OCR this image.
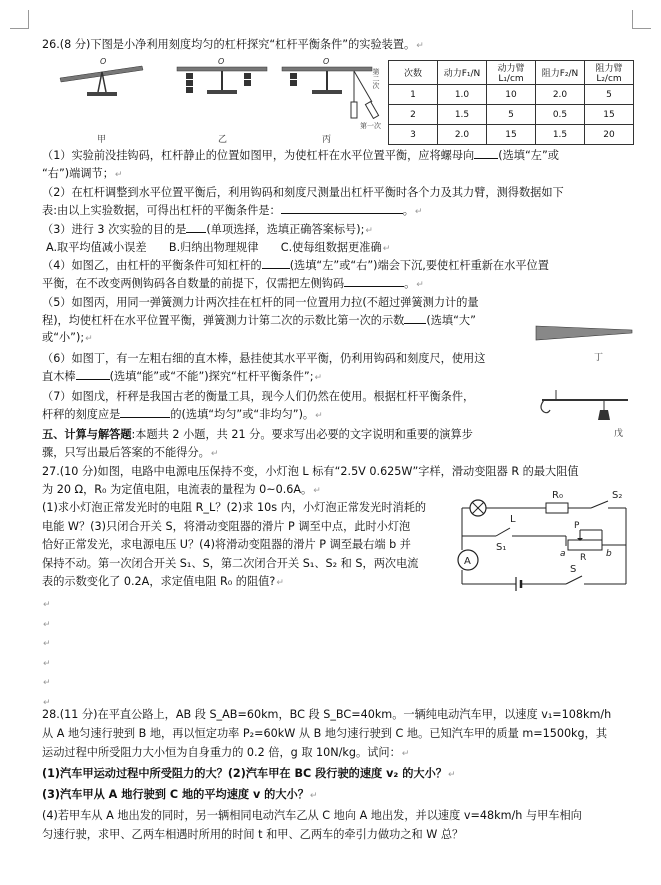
26.(8 分)下图是小净利用刻度均匀的杠杆探究“杠杆平衡条件”的实验装置。↵
O	O	O
第一次
第二次
甲	乙	丙
次数	动力F₁/N	动力臂L₁/cm	阻力F₂/N	阻力臂L₂/cm
1	1.0	10	2.0	5
2	1.5	5	0.5	15
3	2.0	15	1.5	20
（1）实验前没挂钩码，杠杆静止的位置如图甲，为使杠杆在水平位置平衡，应将螺母向 (选填“左”或
“右”)端调节；↵
（2）在杠杆调整到水平位置平衡后，利用钩码和刻度尺测量出杠杆平衡时各个力及其力臂，测得数据如下
表:由以上实验数据，可得出杠杆的平衡条件是：	。↵
（3）进行 3 次实验的目的是 (单项选择，选填正确答案标号);↵
A.取平均值减小误差　　B.归纳出物理规律　　C.使每组数据更准确↵
（4）如图乙，由杠杆的平衡条件可知杠杆的	(选填“左”或“右”)端会下沉,要使杠杆重新在水平位置
平衡，在不改变两侧钩码各自数量的前提下，仅需把左侧钩码	。↵
（5）如图丙，用同一弹簧测力计两次挂在杠杆的同一位置用力拉(不超过弹簧测力计的量
程)，均使杠杆在水平位置平衡，弹簧测力计第二次的示数比第一次的示数 (选填“大”
或“小”);↵
丁
（6）如图丁，有一左粗右细的直木棒，悬挂使其水平平衡，仍利用钩码和刻度尺，使用这
直木棒	(选填“能”或“不能”)探究“杠杆平衡条件”;↵
（7）如图戊，杆秤是我国古老的衡量工具，现今人们仍然在使用。根据杠杆平衡条件，
杆秤的刻度应是	的(选填“均匀”或“非均匀”)。↵
戊
五、计算与解答题:本题共 2 小题，共 21 分。要求写出必要的文字说明和重要的演算步
骤，只写出最后答案的不能得分。↵
27.(10 分)如图，电路中电源电压保持不变，小灯泡 L 标有“2.5V 0.625W”字样，滑动变阻器 R 的最大阻值
为 20 Ω，R₀ 为定值电阻，电流表的量程为 0~0.6A。↵
(1)求小灯泡正常发光时的电阻 R_L？(2)求 10s 内，小灯泡正常发光时消耗的
电能 W？(3)只闭合开关 S，将滑动变阻器的滑片 P 调至中点，此时小灯泡
恰好正常发光，求电源电压 U？(4)将滑动变阻器的滑片 P 调至最右端 b 并
保持不动。第一次闭合开关 S₁、S，第二次闭合开关 S₁、S₂ 和 S，两次电流
表的示数变化了 0.2A，求定值电阻 R₀ 的阻值?↵
A
R₀	S₂
L
P
S₁
a R b
S
↵
↵
↵
↵
↵
↵
28.(11 分)在平直公路上，AB 段 S_AB=60km，BC 段 S_BC=40km。一辆纯电动汽车甲，以速度 v₁=108km/h
从 A 地匀速行驶到 B 地，再以恒定功率 P₂=60kW 从 B 地匀速行驶到 C 地。已知汽车甲的质量 m=1500kg，其
运动过程中所受阻力大小恒为自身重力的 0.2 倍，g 取 10N/kg。试问：↵
(1)汽车甲运动过程中所受阻力的大？(2)汽车甲在 BC 段行驶的速度 v₂ 的大小？↵
(3)汽车甲从 A 地行驶到 C 地的平均速度 v 的大小？↵
(4)若甲车从 A 地出发的同时，另一辆相同电动汽车乙从 C 地向 A 地出发，并以速度 v=48km/h 与甲车相向
匀速行驶，求甲、乙两车相遇时所用的时间 t 和甲、乙两车的牵引力做功之和 W 总？
